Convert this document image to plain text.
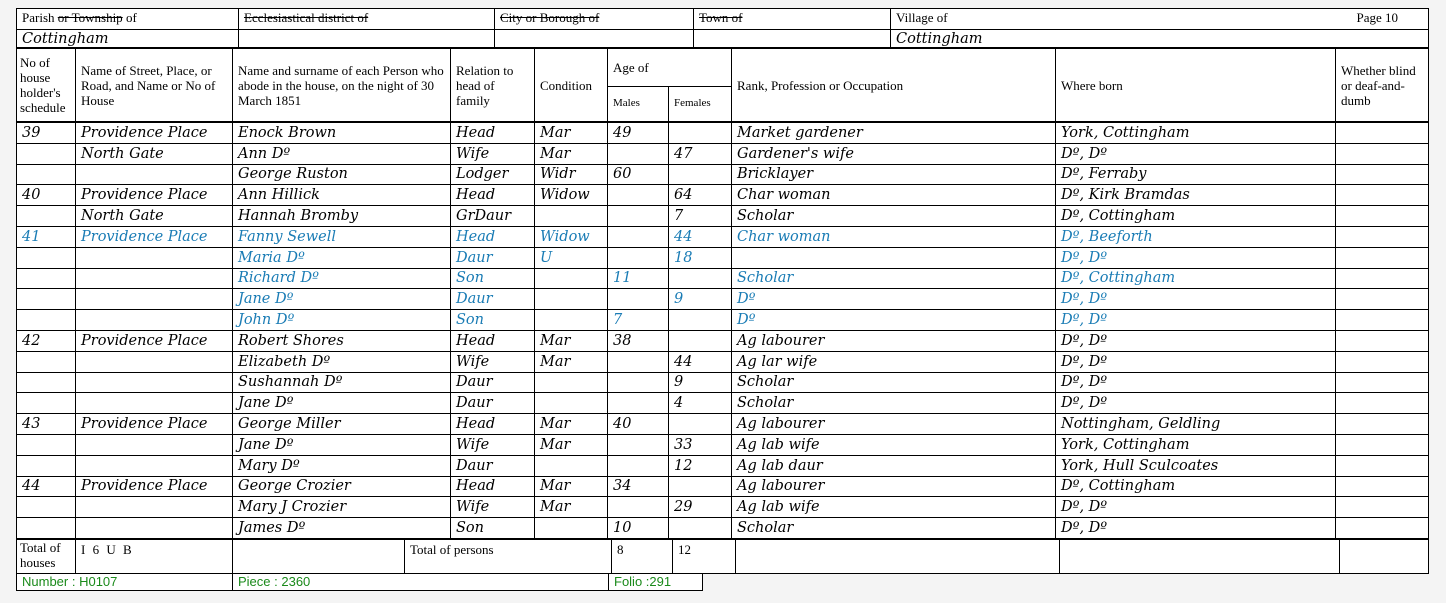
Parish or Township of	Ecclesiastical district of	City or Borough of	Town of	Village of Page 10

Cottingham				Cottingham
No of house holder's schedule	Name of Street, Place, or Road, and Name or No of House	Name and surname of each Person who abode in the house, on the night of 30 March 1851	Relation to head of family	Condition	Age of		Rank, Profession or Occupation	Where born	Whether blind or deaf-and-dumb
					Males	Females			
39	Providence Place	Enock Brown	Head	Mar	49		Market gardener	York, Cottingham	
	North Gate	Ann Dº	Wife	Mar		47	Gardener's wife	Dº, Dº	
		George Ruston	Lodger	Widr	60		Bricklayer	Dº, Ferraby	
40	Providence Place	Ann Hillick	Head	Widow		64	Char woman	Dº, Kirk Bramdas	
	North Gate	Hannah Bromby	GrDaur			7	Scholar	Dº, Cottingham	
41	Providence Place	Fanny Sewell	Head	Widow		44	Char woman	Dº, Beeforth	
		Maria Dº	Daur	U		18		Dº, Dº	
		Richard Dº	Son		11		Scholar	Dº, Cottingham	
		Jane Dº	Daur			9	Dº	Dº, Dº	
		John Dº	Son		7		Dº	Dº, Dº	
42	Providence Place	Robert Shores	Head	Mar	38		Ag labourer	Dº, Dº	
		Elizabeth Dº	Wife	Mar		44	Ag lar wife	Dº, Dº	
		Sushannah Dº	Daur			9	Scholar	Dº, Dº	
		Jane Dº	Daur			4	Scholar	Dº, Dº	
43	Providence Place	George Miller	Head	Mar	40		Ag labourer	Nottingham, Geldling	
		Jane Dº	Wife	Mar		33	Ag lab wife	York, Cottingham	
		Mary Dº	Daur			12	Ag lab daur	York, Hull Sculcoates	
44	Providence Place	George Crozier	Head	Mar	34		Ag labourer	Dº, Cottingham	
		Mary J Crozier	Wife	Mar		29	Ag lab wife	Dº, Dº	
		James Dº	Son		10		Scholar	Dº, Dº	
Total of houses	I 6 U B		Total of persons	8	12			
Number : H0107	Piece : 2360	Folio :291
